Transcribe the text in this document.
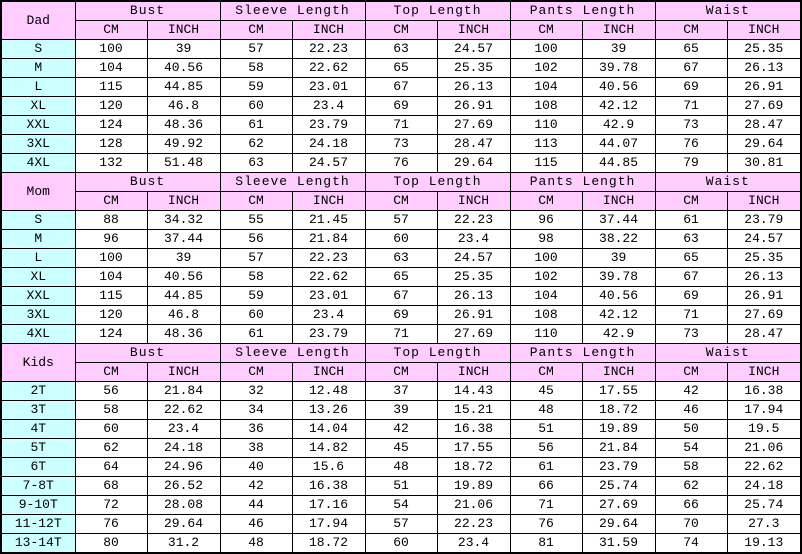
Dad	Bust		Sleeve Length		Top Length		Pants Length		Waist	
	CM	INCH	CM	INCH	CM	INCH	CM	INCH	CM	INCH
S	100	39	57	22.23	63	24.57	100	39	65	25.35
M	104	40.56	58	22.62	65	25.35	102	39.78	67	26.13
L	115	44.85	59	23.01	67	26.13	104	40.56	69	26.91
XL	120	46.8	60	23.4	69	26.91	108	42.12	71	27.69
XXL	124	48.36	61	23.79	71	27.69	110	42.9	73	28.47
3XL	128	49.92	62	24.18	73	28.47	113	44.07	76	29.64
4XL	132	51.48	63	24.57	76	29.64	115	44.85	79	30.81
Mom	Bust		Sleeve Length		Top Length		Pants Length		Waist	
	CM	INCH	CM	INCH	CM	INCH	CM	INCH	CM	INCH
S	88	34.32	55	21.45	57	22.23	96	37.44	61	23.79
M	96	37.44	56	21.84	60	23.4	98	38.22	63	24.57
L	100	39	57	22.23	63	24.57	100	39	65	25.35
XL	104	40.56	58	22.62	65	25.35	102	39.78	67	26.13
XXL	115	44.85	59	23.01	67	26.13	104	40.56	69	26.91
3XL	120	46.8	60	23.4	69	26.91	108	42.12	71	27.69
4XL	124	48.36	61	23.79	71	27.69	110	42.9	73	28.47
Kids	Bust		Sleeve Length		Top Length		Pants Length		Waist	
	CM	INCH	CM	INCH	CM	INCH	CM	INCH	CM	INCH
2T	56	21.84	32	12.48	37	14.43	45	17.55	42	16.38
3T	58	22.62	34	13.26	39	15.21	48	18.72	46	17.94
4T	60	23.4	36	14.04	42	16.38	51	19.89	50	19.5
5T	62	24.18	38	14.82	45	17.55	56	21.84	54	21.06
6T	64	24.96	40	15.6	48	18.72	61	23.79	58	22.62
7-8T	68	26.52	42	16.38	51	19.89	66	25.74	62	24.18
9-10T	72	28.08	44	17.16	54	21.06	71	27.69	66	25.74
11-12T	76	29.64	46	17.94	57	22.23	76	29.64	70	27.3
13-14T	80	31.2	48	18.72	60	23.4	81	31.59	74	19.13
